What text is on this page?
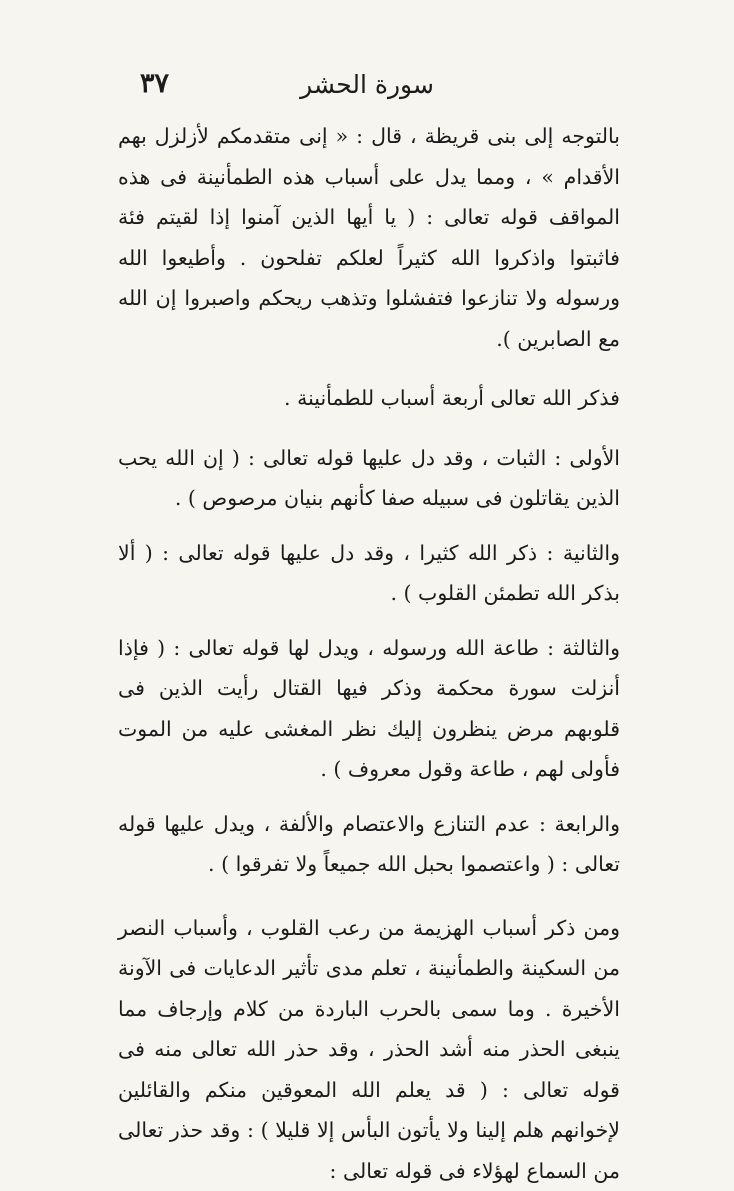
٣٧	سورة الحشر

بالتوجه إلى بنى قريظة ، قال : « إنى متقدمكم لأزلزل بهم الأقدام » ، ومما يدل على أسباب هذه الطمأنينة فى هذه المواقف قوله تعالى : ( يا أيها الذين آمنوا إذا لقيتم فئة فاثبتوا واذكروا الله كثيراً لعلكم تفلحون . وأطيعوا الله ورسوله ولا تنازعوا فتفشلوا وتذهب ريحكم واصبروا إن الله مع الصابرين ).

فذكر الله تعالى أربعة أسباب للطمأنينة .

الأولى : الثبات ، وقد دل عليها قوله تعالى : ( إن الله يحب الذين يقاتلون فى سبيله صفا كأنهم بنيان مرصوص ) .

والثانية : ذكر الله كثيرا ، وقد دل عليها قوله تعالى : ( ألا بذكر الله تطمئن القلوب ) .

والثالثة : طاعة الله ورسوله ، ويدل لها قوله تعالى : ( فإذا أنزلت سورة محكمة وذكر فيها القتال رأيت الذين فى قلوبهم مرض ينظرون إليك نظر المغشى عليه من الموت فأولى لهم ، طاعة وقول معروف ) .

والرابعة : عدم التنازع والاعتصام والألفة ، ويدل عليها قوله تعالى : ( واعتصموا بحبل الله جميعاً ولا تفرقوا ) .

ومن ذكر أسباب الهزيمة من رعب القلوب ، وأسباب النصر من السكينة والطمأنينة ، تعلم مدى تأثير الدعايات فى الآونة الأخيرة . وما سمى بالحرب الباردة من كلام وإرجاف مما ينبغى الحذر منه أشد الحذر ، وقد حذر الله تعالى منه فى قوله تعالى : ( قد يعلم الله المعوقين منكم والقائلين لإخوانهم هلم إلينا ولا يأتون البأس إلا قليلا ) : وقد حذر تعالى من السماع لهؤلاء فى قوله تعالى :
